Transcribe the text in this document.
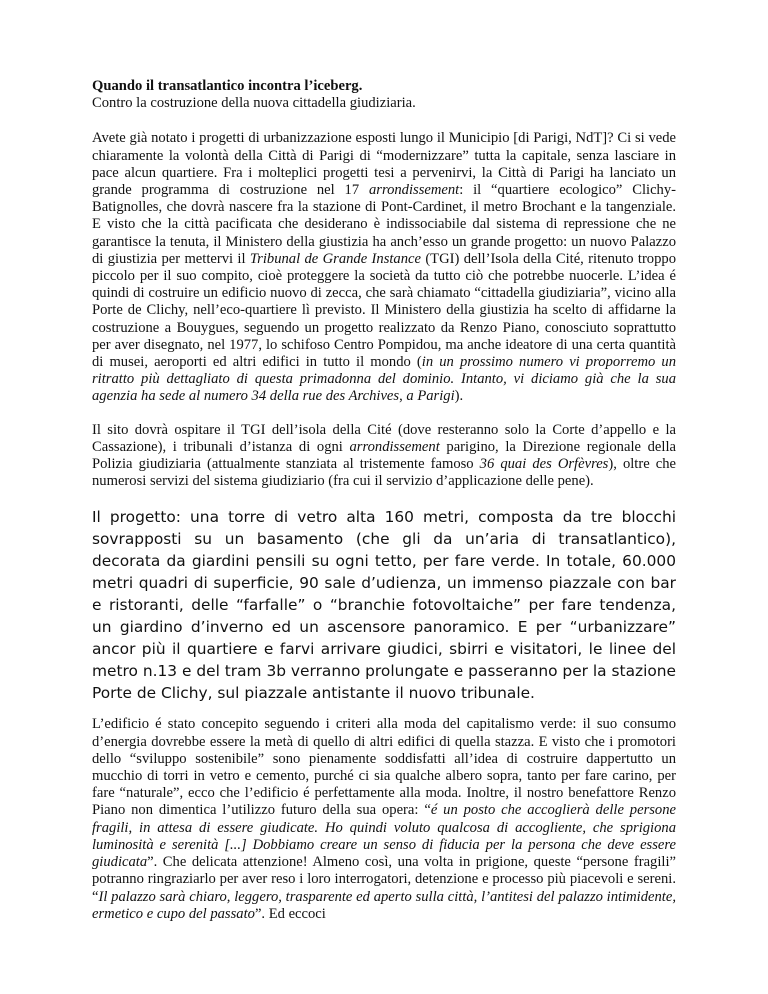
Quando il transatlantico incontra l’iceberg.

Contro la costruzione della nuova cittadella giudiziaria.

Avete già notato i progetti di urbanizzazione esposti lungo il Municipio [di Parigi, NdT]? Ci si vede chiaramente la volontà della Città di Parigi di “modernizzare” tutta la capitale, senza lasciare in pace alcun quartiere. Fra i molteplici progetti tesi a pervenirvi, la Città di Parigi ha lanciato un grande programma di costruzione nel 17 arrondissement: il “quartiere ecologico” Clichy-Batignolles, che dovrà nascere fra la stazione di Pont-Cardinet, il metro Brochant e la tangenziale. E visto che la città pacificata che desiderano è indissociabile dal sistema di repressione che ne garantisce la tenuta, il Ministero della giustizia ha anch’esso un grande progetto: un nuovo Palazzo di giustizia per mettervi il Tribunal de Grande Instance (TGI) dell’Isola della Cité, ritenuto troppo piccolo per il suo compito, cioè proteggere la società da tutto ciò che potrebbe nuocerle. L’idea é quindi di costruire un edificio nuovo di zecca, che sarà chiamato “cittadella giudiziaria”, vicino alla Porte de Clichy, nell’eco-quartiere lì previsto. Il Ministero della giustizia ha scelto di affidarne la costruzione a Bouygues, seguendo un progetto realizzato da Renzo Piano, conosciuto soprattutto per aver disegnato, nel 1977, lo schifoso Centro Pompidou, ma anche ideatore di una certa quantità di musei, aeroporti ed altri edifici in tutto il mondo (in un prossimo numero vi proporremo un ritratto più dettagliato di questa primadonna del dominio. Intanto, vi diciamo già che la sua agenzia ha sede al numero 34 della rue des Archives, a Parigi).

Il sito dovrà ospitare il TGI dell’isola della Cité (dove resteranno solo la Corte d’appello e la Cassazione), i tribunali d’istanza di ogni arrondissement parigino, la Direzione regionale della Polizia giudiziaria (attualmente stanziata al tristemente famoso 36 quai des Orfèvres), oltre che numerosi servizi del sistema giudiziario (fra cui il servizio d’applicazione delle pene).

Il progetto: una torre di vetro alta 160 metri, composta da tre blocchi sovrapposti su un basamento (che gli da un’aria di transatlantico), decorata da giardini pensili su ogni tetto, per fare verde. In totale, 60.000 metri quadri di superficie, 90 sale d’udienza, un immenso piazzale con bar e ristoranti, delle “farfalle” o “branchie fotovoltaiche” per fare tendenza, un giardino d’inverno ed un ascensore panoramico. E per “urbanizzare” ancor più il quartiere e farvi arrivare giudici, sbirri e visitatori, le linee del metro n.13 e del tram 3b verranno prolungate e passeranno per la stazione Porte de Clichy, sul piazzale antistante il nuovo tribunale.

L’edificio é stato concepito seguendo i criteri alla moda del capitalismo verde: il suo consumo d’energia dovrebbe essere la metà di quello di altri edifici di quella stazza. E visto che i promotori dello “sviluppo sostenibile” sono pienamente soddisfatti all’idea di costruire dappertutto un mucchio di torri in vetro e cemento, purché ci sia qualche albero sopra, tanto per fare carino, per fare “naturale”, ecco che l’edificio é perfettamente alla moda. Inoltre, il nostro benefattore Renzo Piano non dimentica l’utilizzo futuro della sua opera: “é un posto che accoglierà delle persone fragili, in attesa di essere giudicate. Ho quindi voluto qualcosa di accogliente, che sprigiona luminosità e serenità [...] Dobbiamo creare un senso di fiducia per la persona che deve essere giudicata”. Che delicata attenzione! Almeno così, una volta in prigione, queste “persone fragili” potranno ringraziarlo per aver reso i loro interrogatori, detenzione e processo più piacevoli e sereni. “Il palazzo sarà chiaro, leggero, trasparente ed aperto sulla città, l’antitesi del palazzo intimidente, ermetico e cupo del passato”. Ed eccoci
